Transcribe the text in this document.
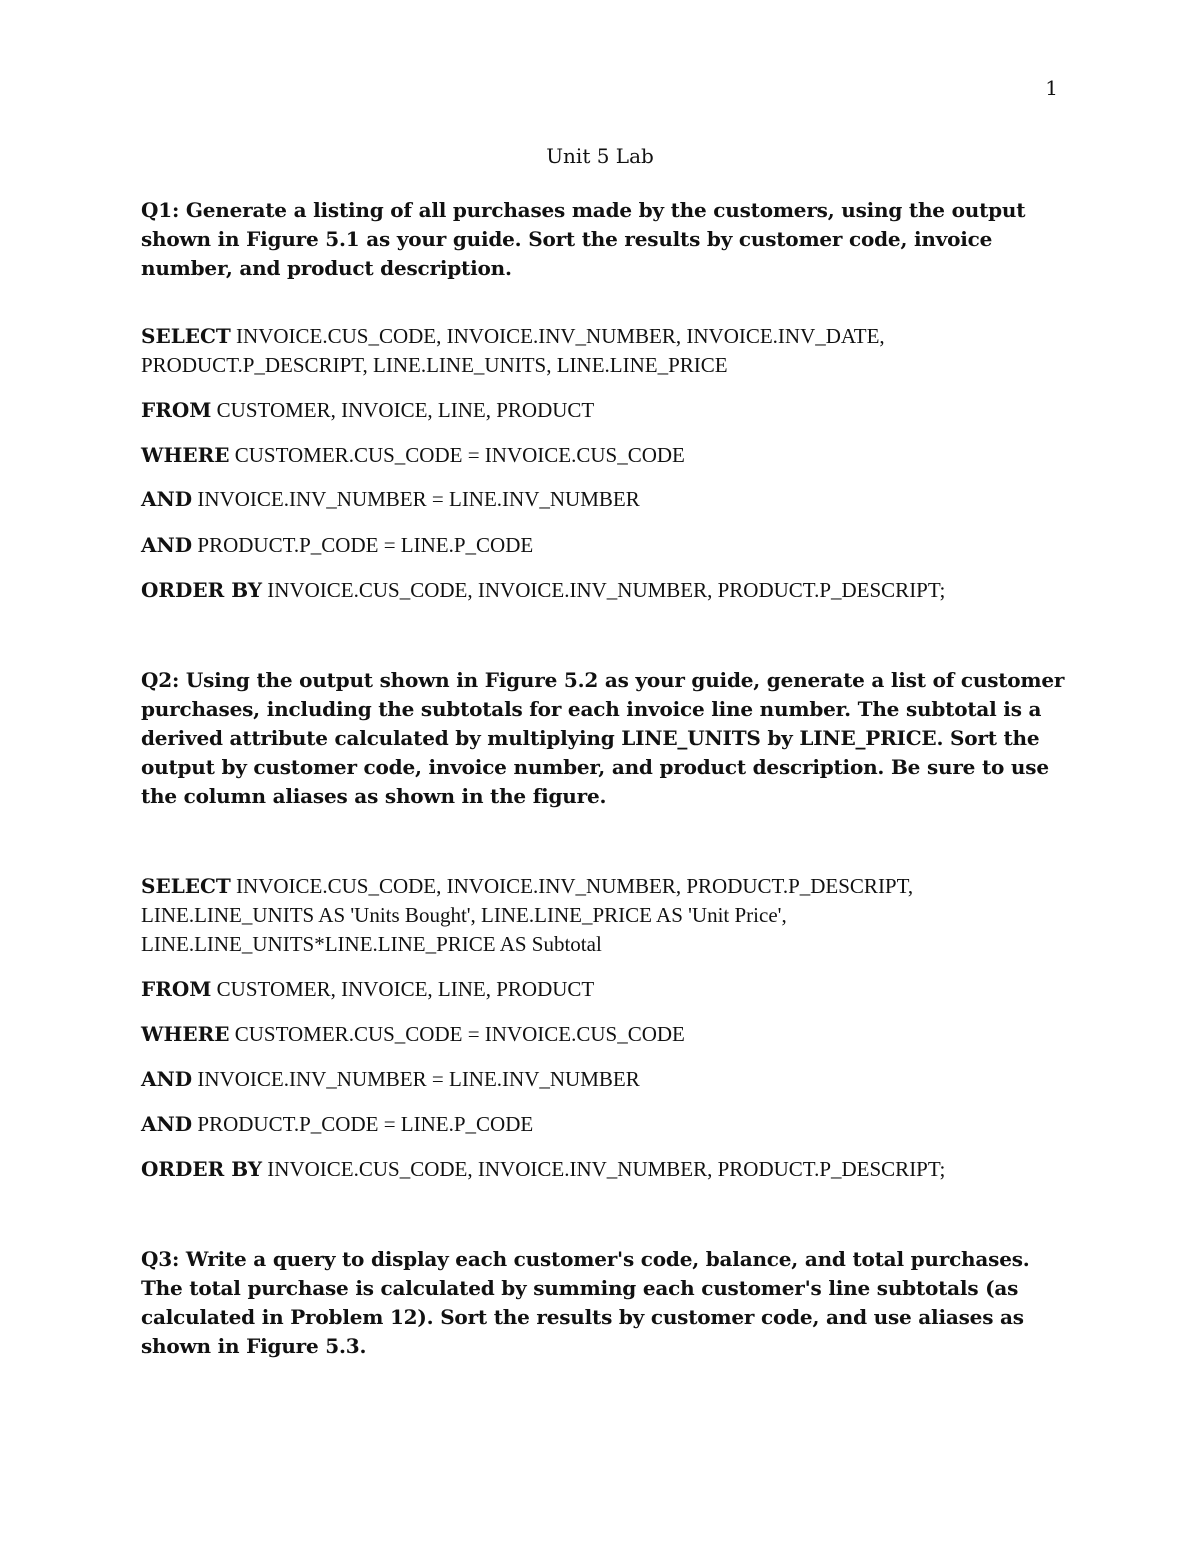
1
Unit 5 Lab
Q1: Generate a listing of all purchases made by the customers, using the output shown in Figure 5.1 as your guide. Sort the results by customer code, invoice number, and product description.
SELECT INVOICE.CUS_CODE, INVOICE.INV_NUMBER, INVOICE.INV_DATE, PRODUCT.P_DESCRIPT, LINE.LINE_UNITS, LINE.LINE_PRICE
FROM CUSTOMER, INVOICE, LINE, PRODUCT
WHERE CUSTOMER.CUS_CODE = INVOICE.CUS_CODE
AND INVOICE.INV_NUMBER = LINE.INV_NUMBER
AND PRODUCT.P_CODE = LINE.P_CODE
ORDER BY INVOICE.CUS_CODE, INVOICE.INV_NUMBER, PRODUCT.P_DESCRIPT;
Q2: Using the output shown in Figure 5.2 as your guide, generate a list of customer purchases, including the subtotals for each invoice line number. The subtotal is a derived attribute calculated by multiplying LINE_UNITS by LINE_PRICE. Sort the output by customer code, invoice number, and product description. Be sure to use the column aliases as shown in the figure.
SELECT INVOICE.CUS_CODE, INVOICE.INV_NUMBER, PRODUCT.P_DESCRIPT,
LINE.LINE_UNITS AS 'Units Bought', LINE.LINE_PRICE AS 'Unit Price',
LINE.LINE_UNITS*LINE.LINE_PRICE AS Subtotal
FROM CUSTOMER, INVOICE, LINE, PRODUCT
WHERE CUSTOMER.CUS_CODE = INVOICE.CUS_CODE
AND INVOICE.INV_NUMBER = LINE.INV_NUMBER
AND PRODUCT.P_CODE = LINE.P_CODE
ORDER BY INVOICE.CUS_CODE, INVOICE.INV_NUMBER, PRODUCT.P_DESCRIPT;
Q3: Write a query to display each customer's code, balance, and total purchases. The total purchase is calculated by summing each customer's line subtotals (as calculated in Problem 12). Sort the results by customer code, and use aliases as shown in Figure 5.3.
